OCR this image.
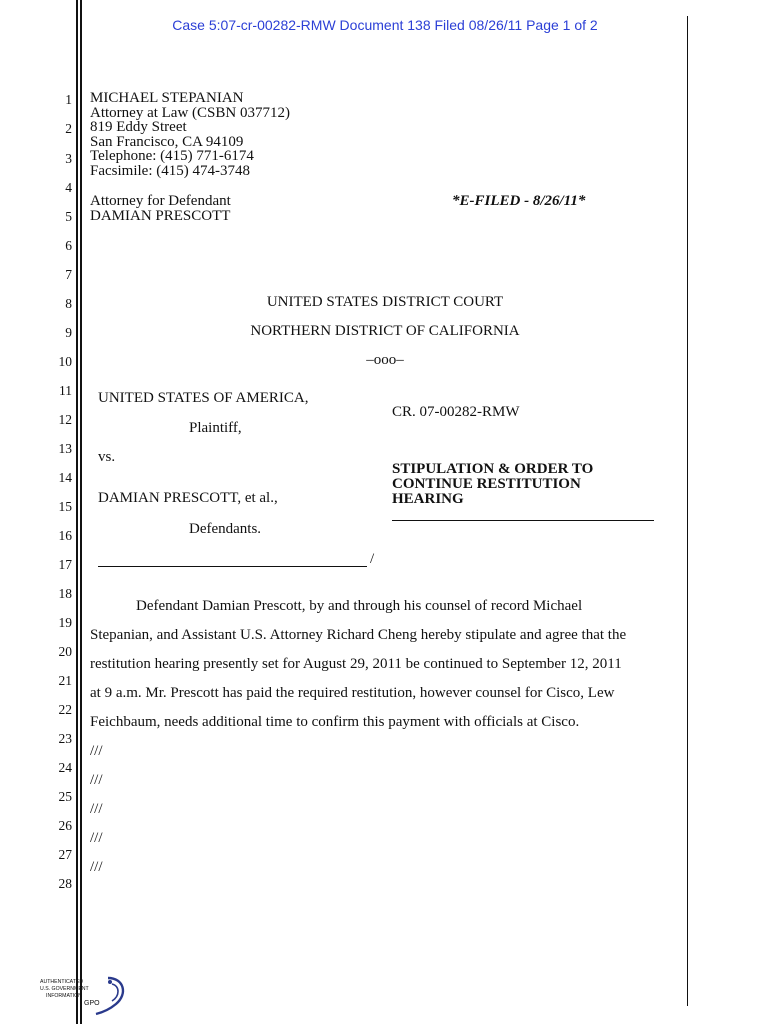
Case 5:07-cr-00282-RMW Document 138 Filed 08/26/11 Page 1 of 2
1
2
3
4
5
6
7
8
9
10
11
12
13
14
15
16
17
18
19
20
21
22
23
24
25
26
27
28
MICHAEL STEPANIAN
Attorney at Law (CSBN 037712)
819 Eddy Street
San Francisco, CA 94109
Telephone: (415) 771-6174
Facsimile: (415) 474-3748
Attorney for Defendant
DAMIAN PRESCOTT
*E-FILED - 8/26/11*
UNITED STATES DISTRICT COURT
NORTHERN DISTRICT OF CALIFORNIA
–ooo–
UNITED STATES OF AMERICA,
Plaintiff,
vs.
DAMIAN PRESCOTT, et al.,
Defendants.
/
CR. 07-00282-RMW
STIPULATION & ORDER TO
CONTINUE RESTITUTION
HEARING
Defendant Damian Prescott, by and through his counsel of record Michael
Stepanian, and Assistant U.S. Attorney Richard Cheng hereby stipulate and agree that the
restitution hearing presently set for August 29, 2011 be continued to September 12, 2011
at 9 a.m. Mr. Prescott has paid the required restitution, however counsel for Cisco, Lew
Feichbaum, needs additional time to confirm this payment with officials at Cisco.
///
///
///
///
///
AUTHENTICATED
U.S. GOVERNMENT
INFORMATION
GPO
